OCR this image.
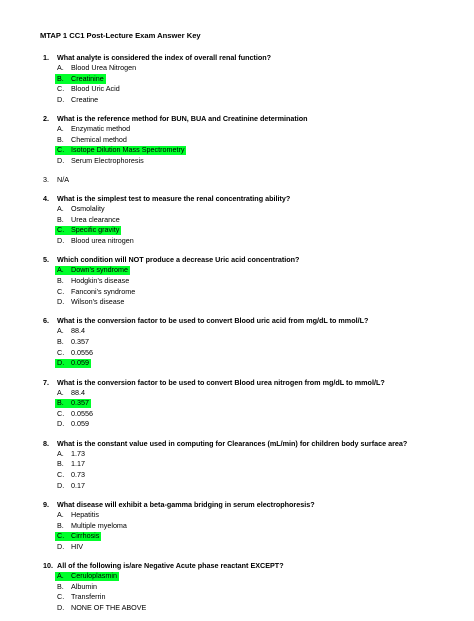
MTAP 1 CC1 Post-Lecture Exam Answer Key
1. What analyte is considered the index of overall renal function?
A. Blood Urea Nitrogen
B. Creatinine
C. Blood Uric Acid
D. Creatine
2. What is the reference method for BUN, BUA and Creatinine determination
A. Enzymatic method
B. Chemical method
C. Isotope Dilution Mass Spectrometry
D. Serum Electrophoresis
3. N/A
4. What is the simplest test to measure the renal concentrating ability?
A. Osmolality
B. Urea clearance
C. Specific gravity
D. Blood urea nitrogen
5. Which condition will NOT produce a decrease Uric acid concentration?
A. Down’s syndrome
B. Hodgkin’s disease
C. Fanconi’s syndrome
D. Wilson’s disease
6. What is the conversion factor to be used to convert Blood uric acid from mg/dL to mmol/L?
A. 88.4
B. 0.357
C. 0.0556
D. 0.059
7. What is the conversion factor to be used to convert Blood urea nitrogen from mg/dL to mmol/L?
A. 88.4
B. 0.357
C. 0.0556
D. 0.059
8. What is the constant value used in computing for Clearances (mL/min) for children body surface area?
A. 1.73
B. 1.17
C. 0.73
D. 0.17
9. What disease will exhibit a beta-gamma bridging in serum electrophoresis?
A. Hepatitis
B. Multiple myeloma
C. Cirrhosis
D. HIV
10. All of the following is/are Negative Acute phase reactant EXCEPT?
A. Ceruloplasmin
B. Albumin
C. Transferrin
D. NONE OF THE ABOVE
